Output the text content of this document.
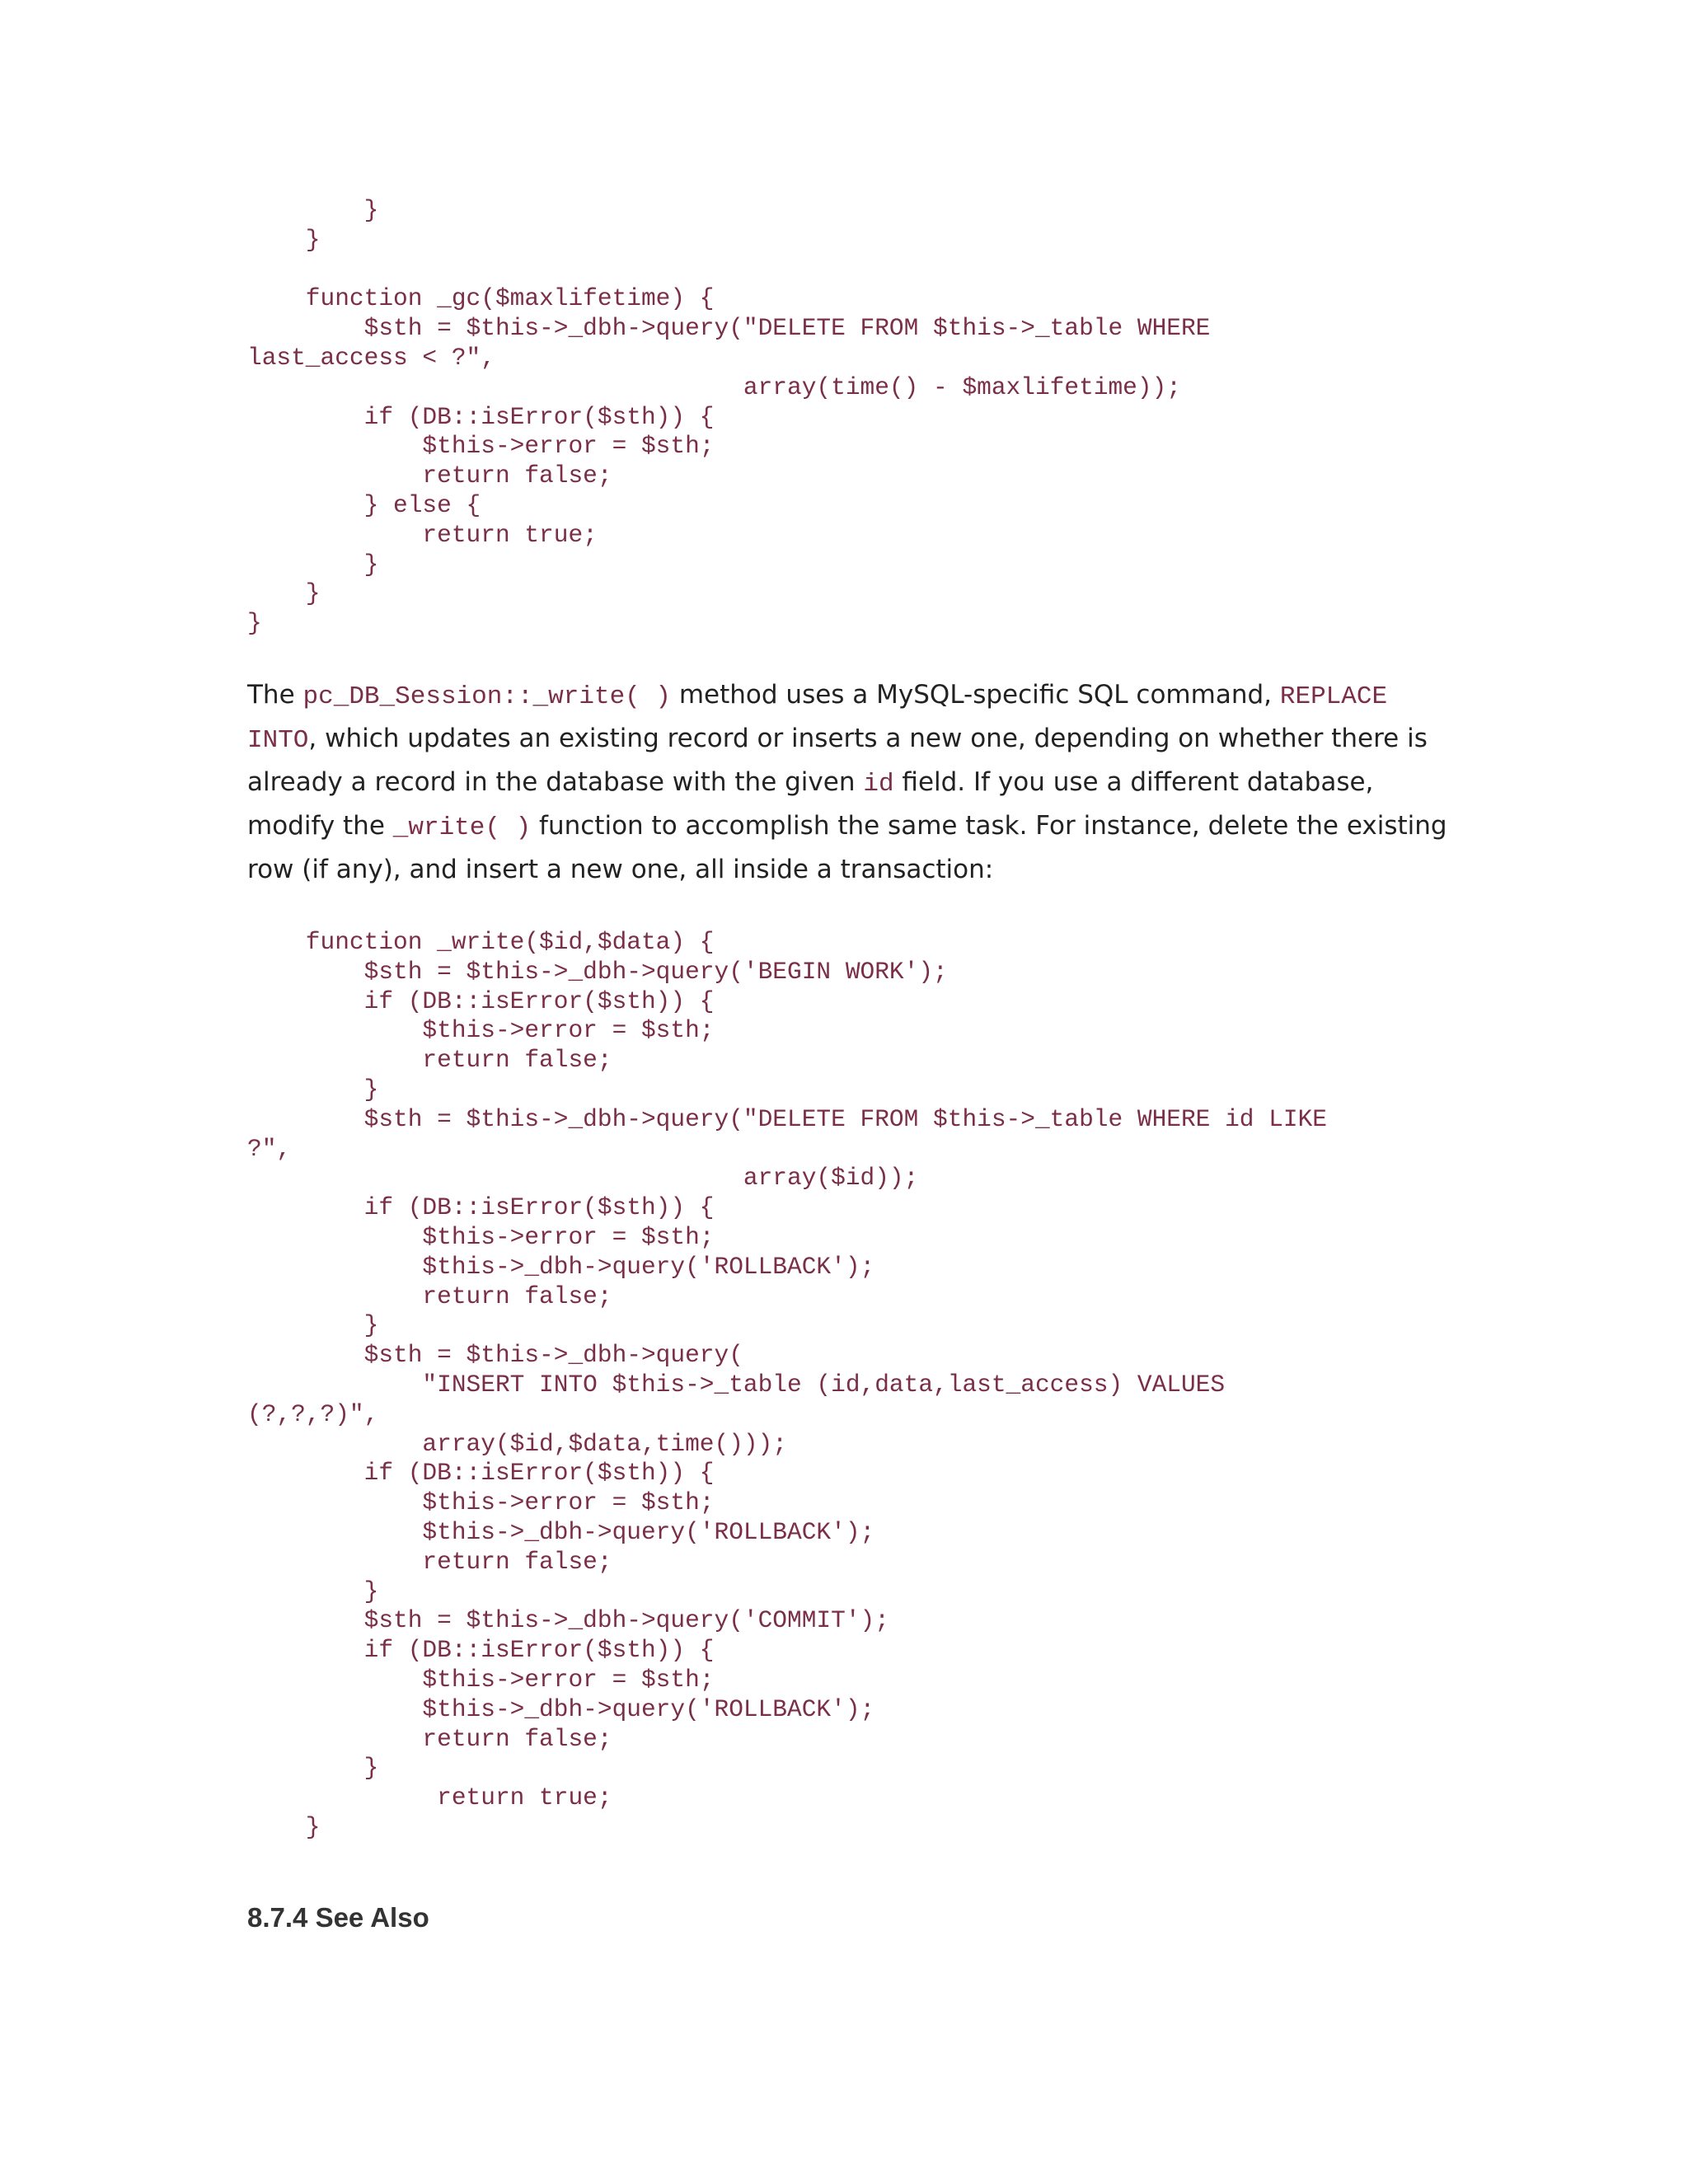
}
}
function _gc($maxlifetime) {
$sth = $this->_dbh->query("DELETE FROM $this->_table WHERE
last_access < ?",
array(time() - $maxlifetime));
if (DB::isError($sth)) {
$this->error = $sth;
return false;
} else {
return true;
}
}
}

The pc_DB_Session::_write( ) method uses a MySQL-specific SQL command, REPLACE INTO, which updates an existing record or inserts a new one, depending on whether there is already a record in the database with the given id field. If you use a different database, modify the _write( ) function to accomplish the same task. For instance, delete the existing row (if any), and insert a new one, all inside a transaction:

function _write($id,$data) {
$sth = $this->_dbh->query('BEGIN WORK');
if (DB::isError($sth)) {
$this->error = $sth;
return false;
}
$sth = $this->_dbh->query("DELETE FROM $this->_table WHERE id LIKE
?",
array($id));
if (DB::isError($sth)) {
$this->error = $sth;
$this->_dbh->query('ROLLBACK');
return false;
}
$sth = $this->_dbh->query(
"INSERT INTO $this->_table (id,data,last_access) VALUES
(?,?,?)",
array($id,$data,time()));
if (DB::isError($sth)) {
$this->error = $sth;
$this->_dbh->query('ROLLBACK');
return false;
}
$sth = $this->_dbh->query('COMMIT');
if (DB::isError($sth)) {
$this->error = $sth;
$this->_dbh->query('ROLLBACK');
return false;
}
return true;
}
8.7.4 See Also
